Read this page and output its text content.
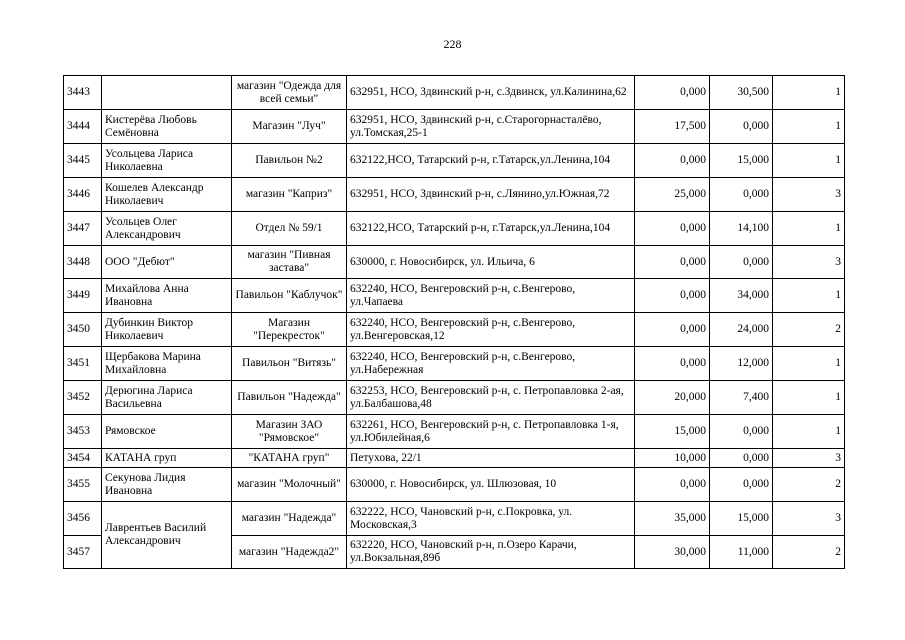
228
3443		магазин "Одежда для всей семьи"	632951, НСО, Здвинский р-н, с.Здвинск, ул.Калинина,62	0,000	30,500	1
3444	Кистерёва Любовь Семёновна	Магазин "Луч"	632951, НСО, Здвинский р-н, с.Старогорнасталёво, ул.Томская,25-1	17,500	0,000	1
3445	Усольцева Лариса Николаевна	Павильон №2	632122,НСО, Татарский р-н, г.Татарск,ул.Ленина,104	0,000	15,000	1
3446	Кошелев Александр Николаевич	магазин "Каприз"	632951, НСО, Здвинский р-н, с.Лянино,ул.Южная,72	25,000	0,000	3
3447	Усольцев Олег Александрович	Отдел № 59/1	632122,НСО, Татарский р-н, г.Татарск,ул.Ленина,104	0,000	14,100	1
3448	ООО "Дебют"	магазин "Пивная застава"	630000, г. Новосибирск, ул. Ильича, 6	0,000	0,000	3
3449	Михайлова Анна Ивановна	Павильон "Каблучок"	632240, НСО, Венгеровский р-н, с.Венгерово, ул.Чапаева	0,000	34,000	1
3450	Дубинкин Виктор Николаевич	Магазин "Перекресток"	632240, НСО, Венгеровский р-н, с.Венгерово, ул.Венгеровская,12	0,000	24,000	2
3451	Щербакова Марина Михайловна	Павильон "Витязь"	632240, НСО, Венгеровский р-н, с.Венгерово, ул.Набережная	0,000	12,000	1
3452	Дерюгина Лариса Васильевна	Павильон "Надежда"	632253, НСО, Венгеровский р-н, с. Петропавловка 2-ая, ул.Балбашова,48	20,000	7,400	1
3453	Рямовское	Магазин ЗАО "Рямовское"	632261, НСО, Венгеровский р-н, с. Петропавловка 1-я, ул.Юбилейная,6	15,000	0,000	1
3454	КАТАНА груп	"КАТАНА груп"	Петухова, 22/1	10,000	0,000	3
3455	Секунова Лидия Ивановна	магазин "Молочный"	630000, г. Новосибирск, ул. Шлюзовая, 10	0,000	0,000	2
3456	Лаврентьев Василий Александрович	магазин "Надежда"	632222, НСО, Чановский р-н, с.Покровка, ул. Московская,3	35,000	15,000	3
3457		магазин "Надежда2"	632220, НСО, Чановский р-н, п.Озеро Карачи, ул.Вокзальная,89б	30,000	11,000	2
